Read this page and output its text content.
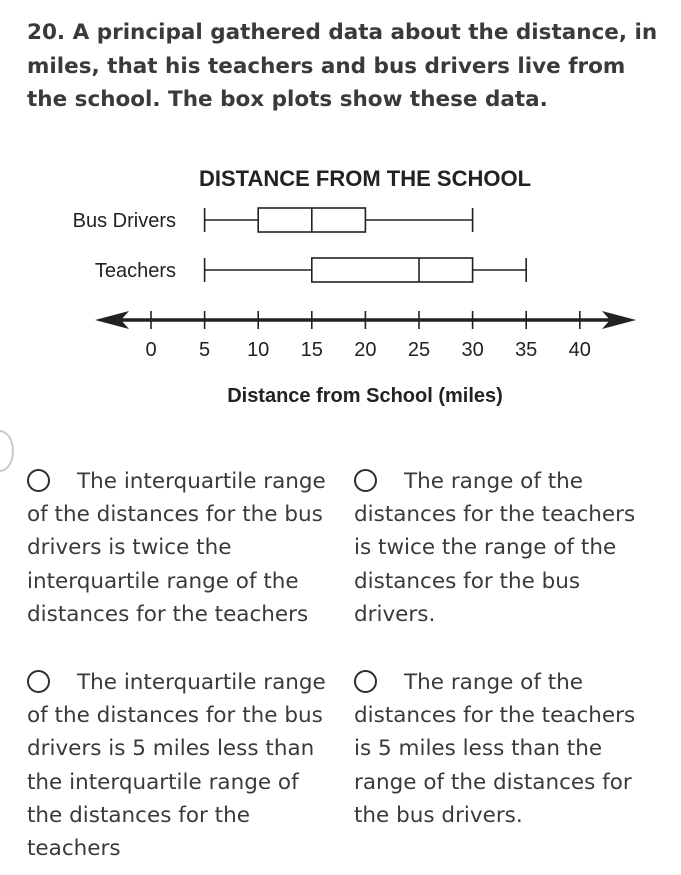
20. A principal gathered data about the distance, in miles, that his teachers and bus drivers live from the school. The box plots show these data.
DISTANCE FROM THE SCHOOL
Bus Drivers
Teachers
0 5 10 15 20 25 30 35 40
Distance from School (miles)
The interquartile range of the distances for the bus drivers is twice the interquartile range of the distances for the teachers
The range of the distances for the teachers is twice the range of the distances for the bus drivers.
The interquartile range of the distances for the bus drivers is 5 miles less than the interquartile range of the distances for the teachers
The range of the distances for the teachers is 5 miles less than the range of the distances for the bus drivers.
